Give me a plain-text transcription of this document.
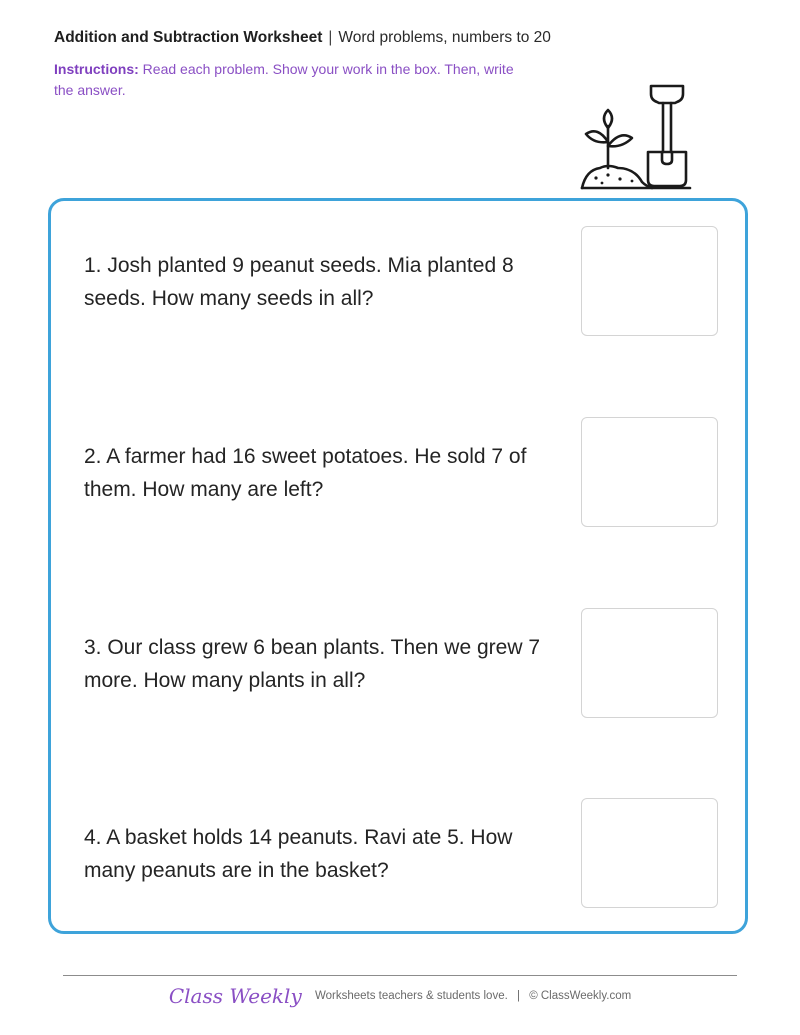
Addition and Subtraction Worksheet | Word problems, numbers to 20
Instructions: Read each problem. Show your work in the box. Then, write the answer.
1. Josh planted 9 peanut seeds. Mia planted 8 seeds. How many seeds in all?
2. A farmer had 16 sweet potatoes. He sold 7 of them. How many are left?
3. Our class grew 6 bean plants. Then we grew 7 more. How many plants in all?
4. A basket holds 14 peanuts. Ravi ate 5. How many peanuts are in the basket?
Class Weekly Worksheets teachers & students love. | © ClassWeekly.com
